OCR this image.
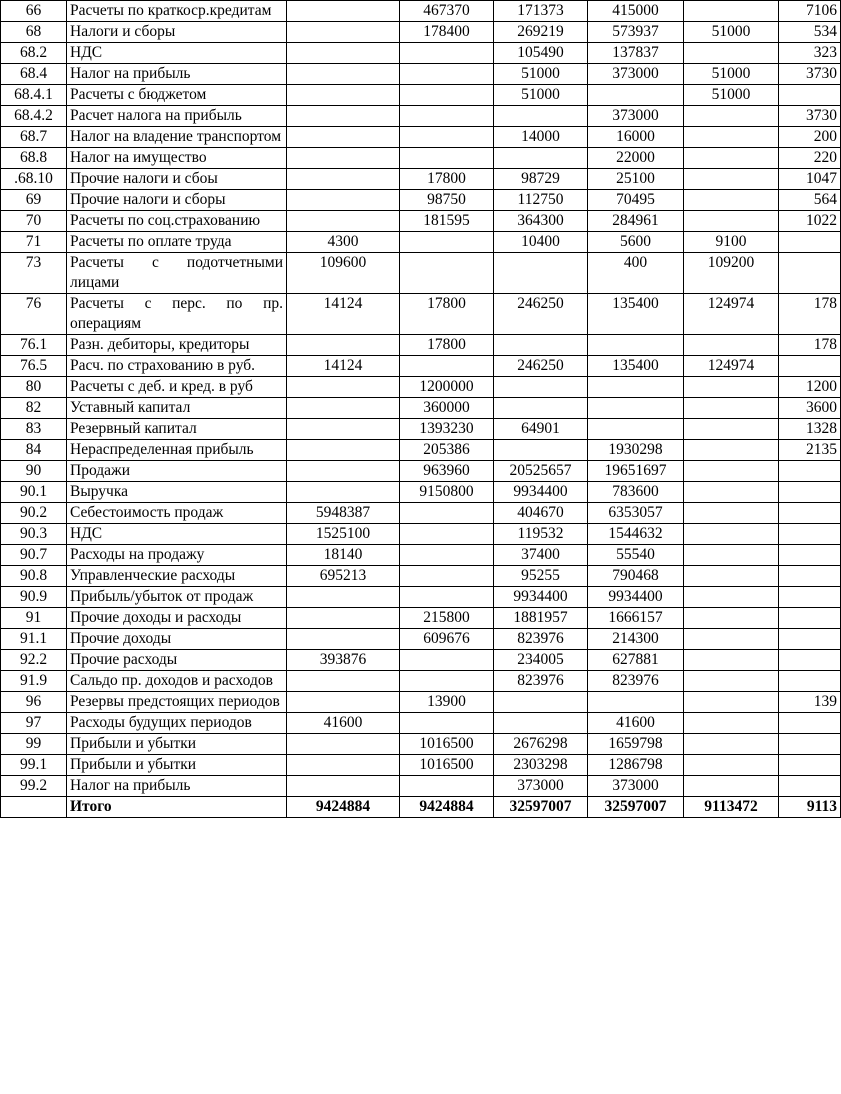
66	Расчеты по краткоср.кредитам		467370	171373	415000		7106
68	Налоги и сборы		178400	269219	573937	51000	534
68.2	НДС			105490	137837		323
68.4	Налог на прибыль			51000	373000	51000	3730
68.4.1	Расчеты с бюджетом			51000		51000	
68.4.2	Расчет налога на прибыль				373000		3730
68.7	Налог на владение транспортом			14000	16000		200
68.8	Налог на имущество				22000		220
.68.10	Прочие налоги и сбоы		17800	98729	25100		1047
69	Прочие налоги и сборы		98750	112750	70495		564
70	Расчеты по соц.страхованию		181595	364300	284961		1022
71	Расчеты по оплате труда	4300		10400	5600	9100	
73	Расчеты с подотчетными лицами	109600			400	109200	
76	Расчеты с перс. по пр. операциям	14124	17800	246250	135400	124974	178
76.1	Разн. дебиторы, кредиторы		17800				178
76.5	Расч. по страхованию в руб.	14124		246250	135400	124974	
80	Расчеты с деб. и кред. в руб		1200000				1200
82	Уставный капитал		360000				3600
83	Резервный капитал		1393230	64901			1328
84	Нераспределенная прибыль		205386		1930298		2135
90	Продажи		963960	20525657	19651697		
90.1	Выручка		9150800	9934400	783600		
90.2	Себестоимость продаж	5948387		404670	6353057		
90.3	НДС	1525100		119532	1544632		
90.7	Расходы на продажу	18140		37400	55540		
90.8	Управленческие расходы	695213		95255	790468		
90.9	Прибыль/убыток от продаж			9934400	9934400		
91	Прочие доходы и расходы		215800	1881957	1666157		
91.1	Прочие доходы		609676	823976	214300		
92.2	Прочие расходы	393876		234005	627881		
91.9	Сальдо пр. доходов и расходов			823976	823976		
96	Резервы предстоящих периодов		13900				139
97	Расходы будущих периодов	41600			41600		
99	Прибыли и убытки		1016500	2676298	1659798		
99.1	Прибыли и убытки		1016500	2303298	1286798		
99.2	Налог на прибыль			373000	373000		
	Итого	9424884	9424884	32597007	32597007	9113472	9113
